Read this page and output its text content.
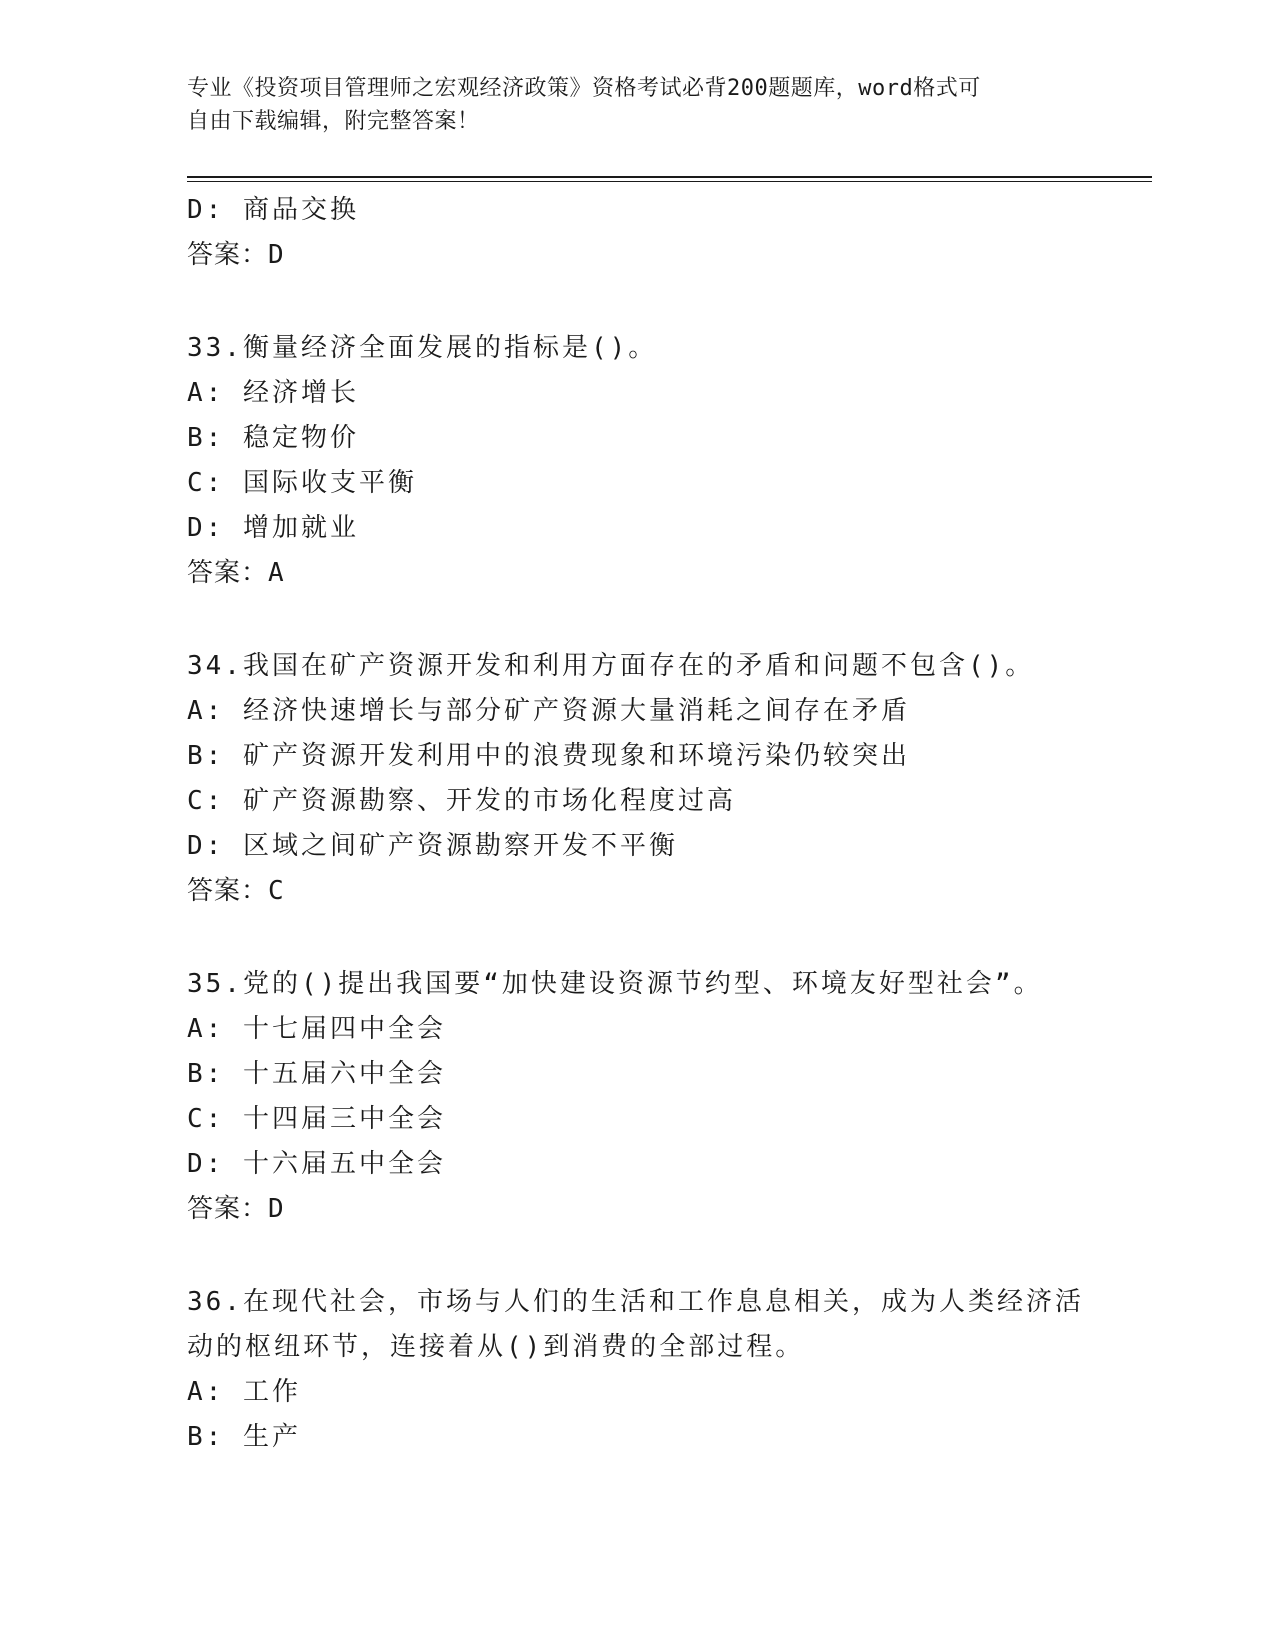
专业《投资项目管理师之宏观经济政策》资格考试必背200题题库，word格式可
自由下载编辑，附完整答案！
D: 商品交换
答案：D
33.衡量经济全面发展的指标是()。
A: 经济增长
B: 稳定物价
C: 国际收支平衡
D: 增加就业
答案：A
34.我国在矿产资源开发和利用方面存在的矛盾和问题不包含()。
A: 经济快速增长与部分矿产资源大量消耗之间存在矛盾
B: 矿产资源开发利用中的浪费现象和环境污染仍较突出
C: 矿产资源勘察、开发的市场化程度过高
D: 区域之间矿产资源勘察开发不平衡
答案：C
35.党的()提出我国要“加快建设资源节约型、环境友好型社会”。
A: 十七届四中全会
B: 十五届六中全会
C: 十四届三中全会
D: 十六届五中全会
答案：D
36.在现代社会，市场与人们的生活和工作息息相关，成为人类经济活
动的枢纽环节，连接着从()到消费的全部过程。
A: 工作
B: 生产
